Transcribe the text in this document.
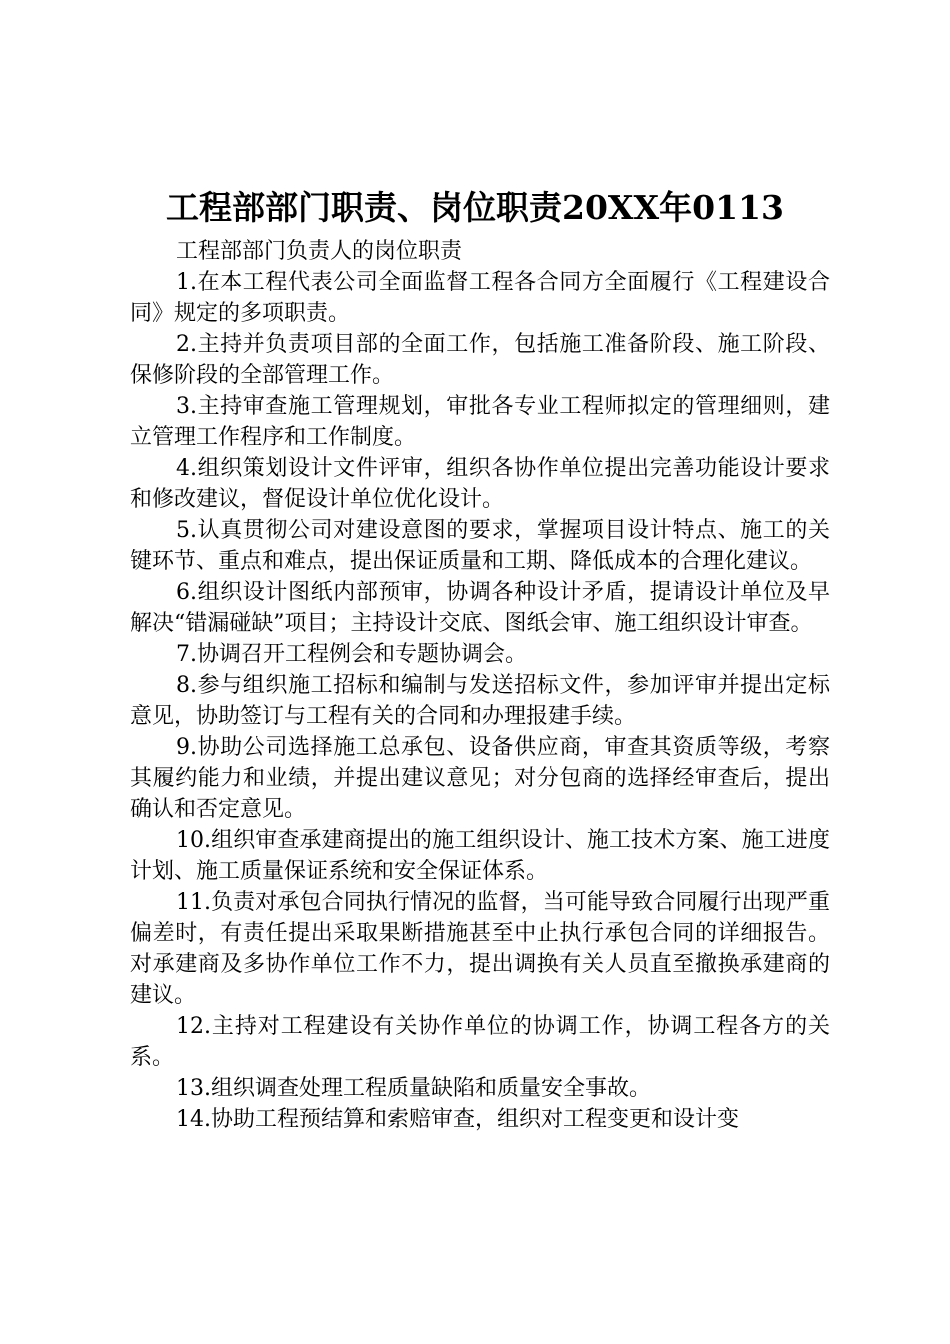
工程部部门职责、岗位职责20XX年0113

工程部部门负责人的岗位职责

1.在本工程代表公司全面监督工程各合同方全面履行《工程建设合同》规定的多项职责。

2.主持并负责项目部的全面工作，包括施工准备阶段、施工阶段、保修阶段的全部管理工作。

3.主持审查施工管理规划，审批各专业工程师拟定的管理细则，建立管理工作程序和工作制度。

4.组织策划设计文件评审，组织各协作单位提出完善功能设计要求和修改建议，督促设计单位优化设计。

5.认真贯彻公司对建设意图的要求，掌握项目设计特点、施工的关键环节、重点和难点，提出保证质量和工期、降低成本的合理化建议。

6.组织设计图纸内部预审，协调各种设计矛盾，提请设计单位及早解决“错漏碰缺”项目；主持设计交底、图纸会审、施工组织设计审查。

7.协调召开工程例会和专题协调会。

8.参与组织施工招标和编制与发送招标文件，参加评审并提出定标意见，协助签订与工程有关的合同和办理报建手续。

9.协助公司选择施工总承包、设备供应商，审查其资质等级，考察其履约能力和业绩，并提出建议意见；对分包商的选择经审查后，提出确认和否定意见。

10.组织审查承建商提出的施工组织设计、施工技术方案、施工进度计划、施工质量保证系统和安全保证体系。

11.负责对承包合同执行情况的监督，当可能导致合同履行出现严重偏差时，有责任提出采取果断措施甚至中止执行承包合同的详细报告。对承建商及多协作单位工作不力，提出调换有关人员直至撤换承建商的建议。

12.主持对工程建设有关协作单位的协调工作，协调工程各方的关系。

13.组织调查处理工程质量缺陷和质量安全事故。

14.协助工程预结算和索赔审查，组织对工程变更和设计变
